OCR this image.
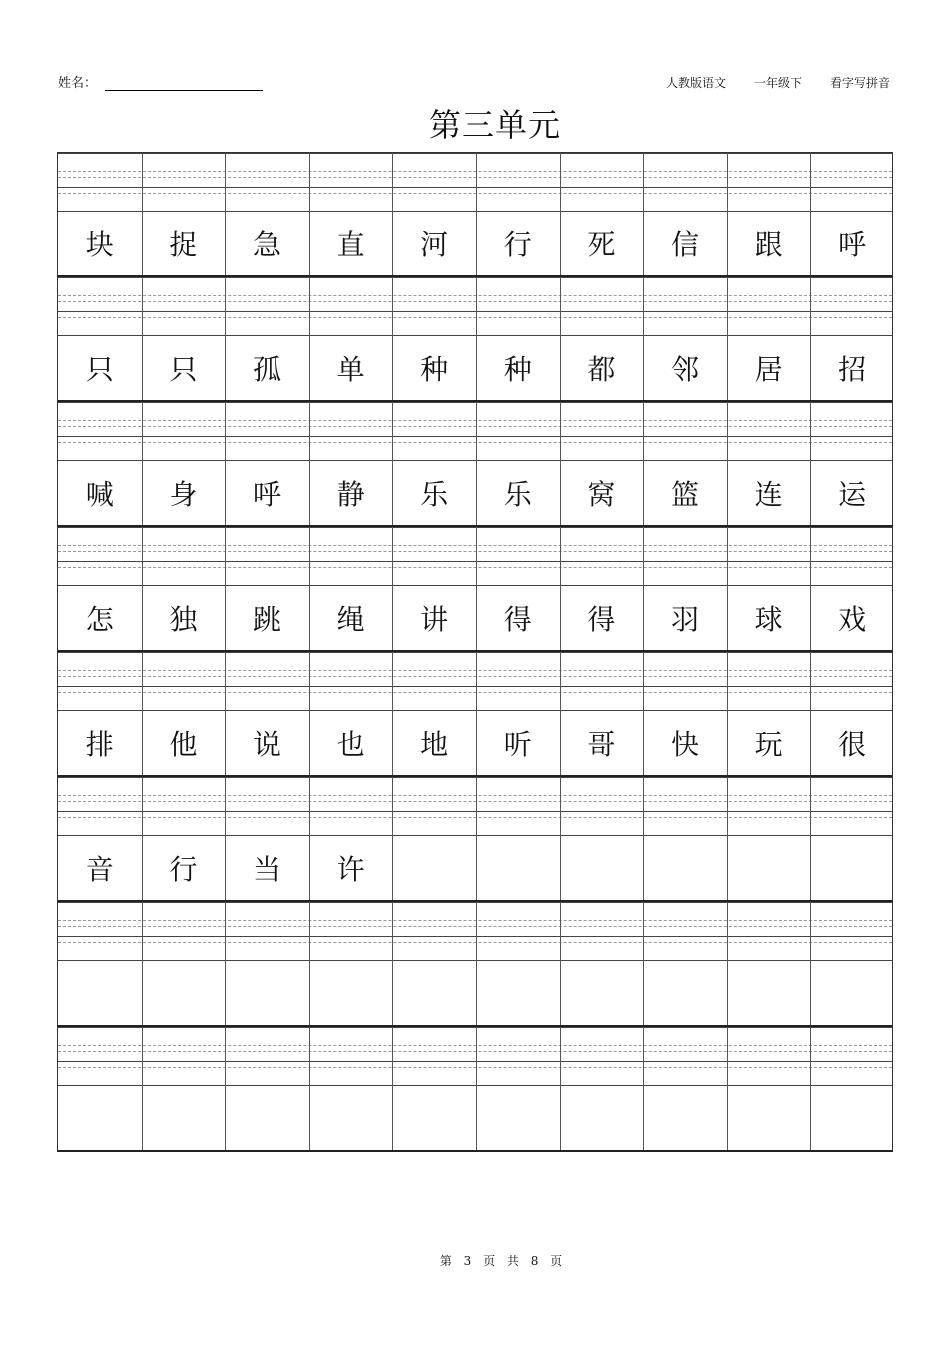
姓名：	人教版语文 一年级下 看字写拼音
第三单元
块	捉	急	直	河	行	死	信	跟	呼
只	只	孤	单	种	种	都	邻	居	招
喊	身	呼	静	乐	乐	窝	篮	连	运
怎	独	跳	绳	讲	得	得	羽	球	戏
排	他	说	也	地	听	哥	快	玩	很
音	行	当	许
第 3 页 共 8 页
